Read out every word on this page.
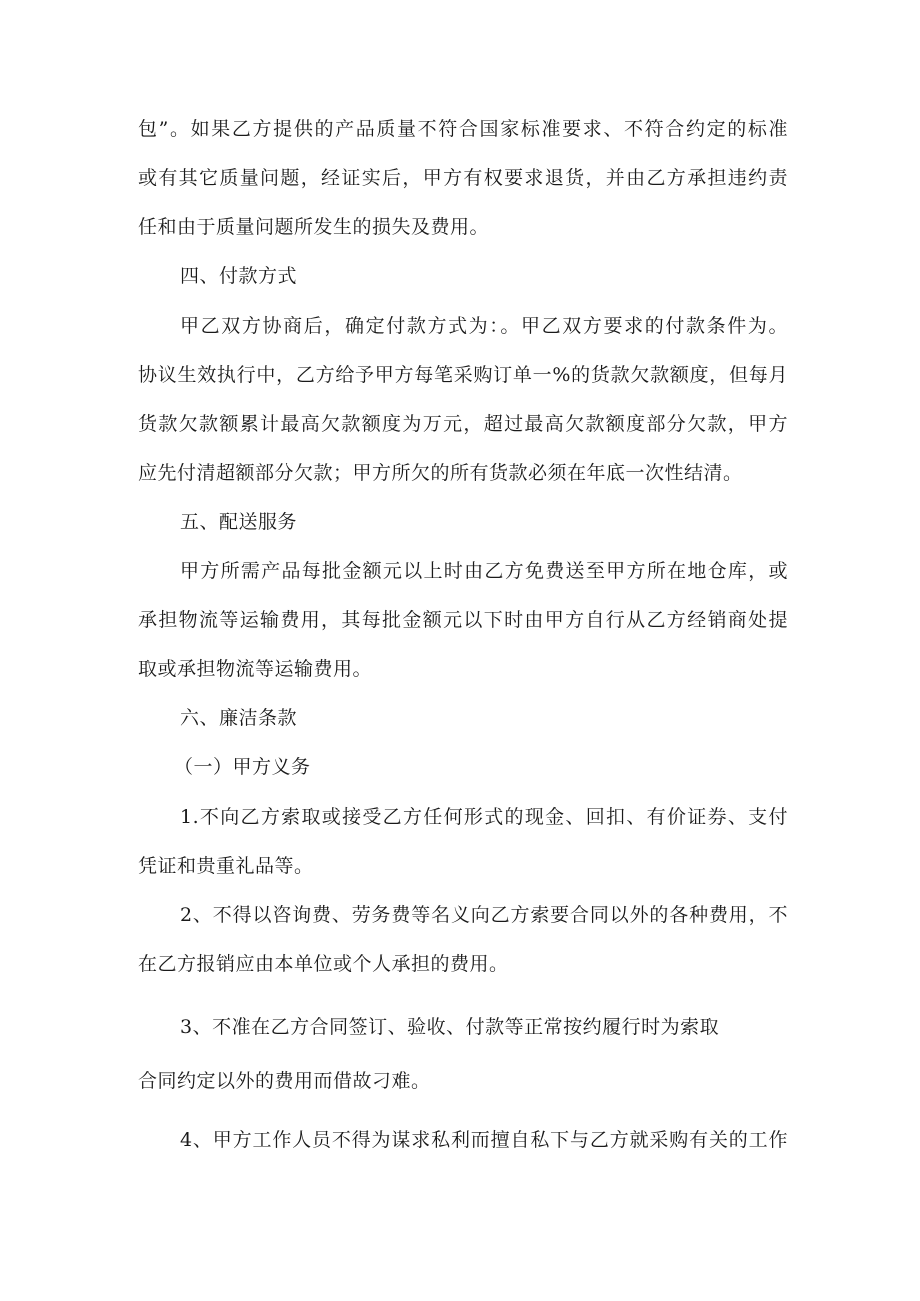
包”。如果乙方提供的产品质量不符合国家标准要求、不符合约定的标准
或有其它质量问题，经证实后，甲方有权要求退货，并由乙方承担违约责
任和由于质量问题所发生的损失及费用。
四、付款方式
甲乙双方协商后，确定付款方式为：。甲乙双方要求的付款条件为。
协议生效执行中，乙方给予甲方每笔采购订单一%的货款欠款额度，但每月
货款欠款额累计最高欠款额度为万元，超过最高欠款额度部分欠款，甲方
应先付清超额部分欠款；甲方所欠的所有货款必须在年底一次性结清。
五、配送服务
甲方所需产品每批金额元以上时由乙方免费送至甲方所在地仓库，或
承担物流等运输费用，其每批金额元以下时由甲方自行从乙方经销商处提
取或承担物流等运输费用。
六、廉洁条款
（一）甲方义务
1.不向乙方索取或接受乙方任何形式的现金、回扣、有价证券、支付
凭证和贵重礼品等。
2、不得以咨询费、劳务费等名义向乙方索要合同以外的各种费用，不
在乙方报销应由本单位或个人承担的费用。
3、不准在乙方合同签订、验收、付款等正常按约履行时为索取
合同约定以外的费用而借故刁难。
4、甲方工作人员不得为谋求私利而擅自私下与乙方就采购有关的工作
